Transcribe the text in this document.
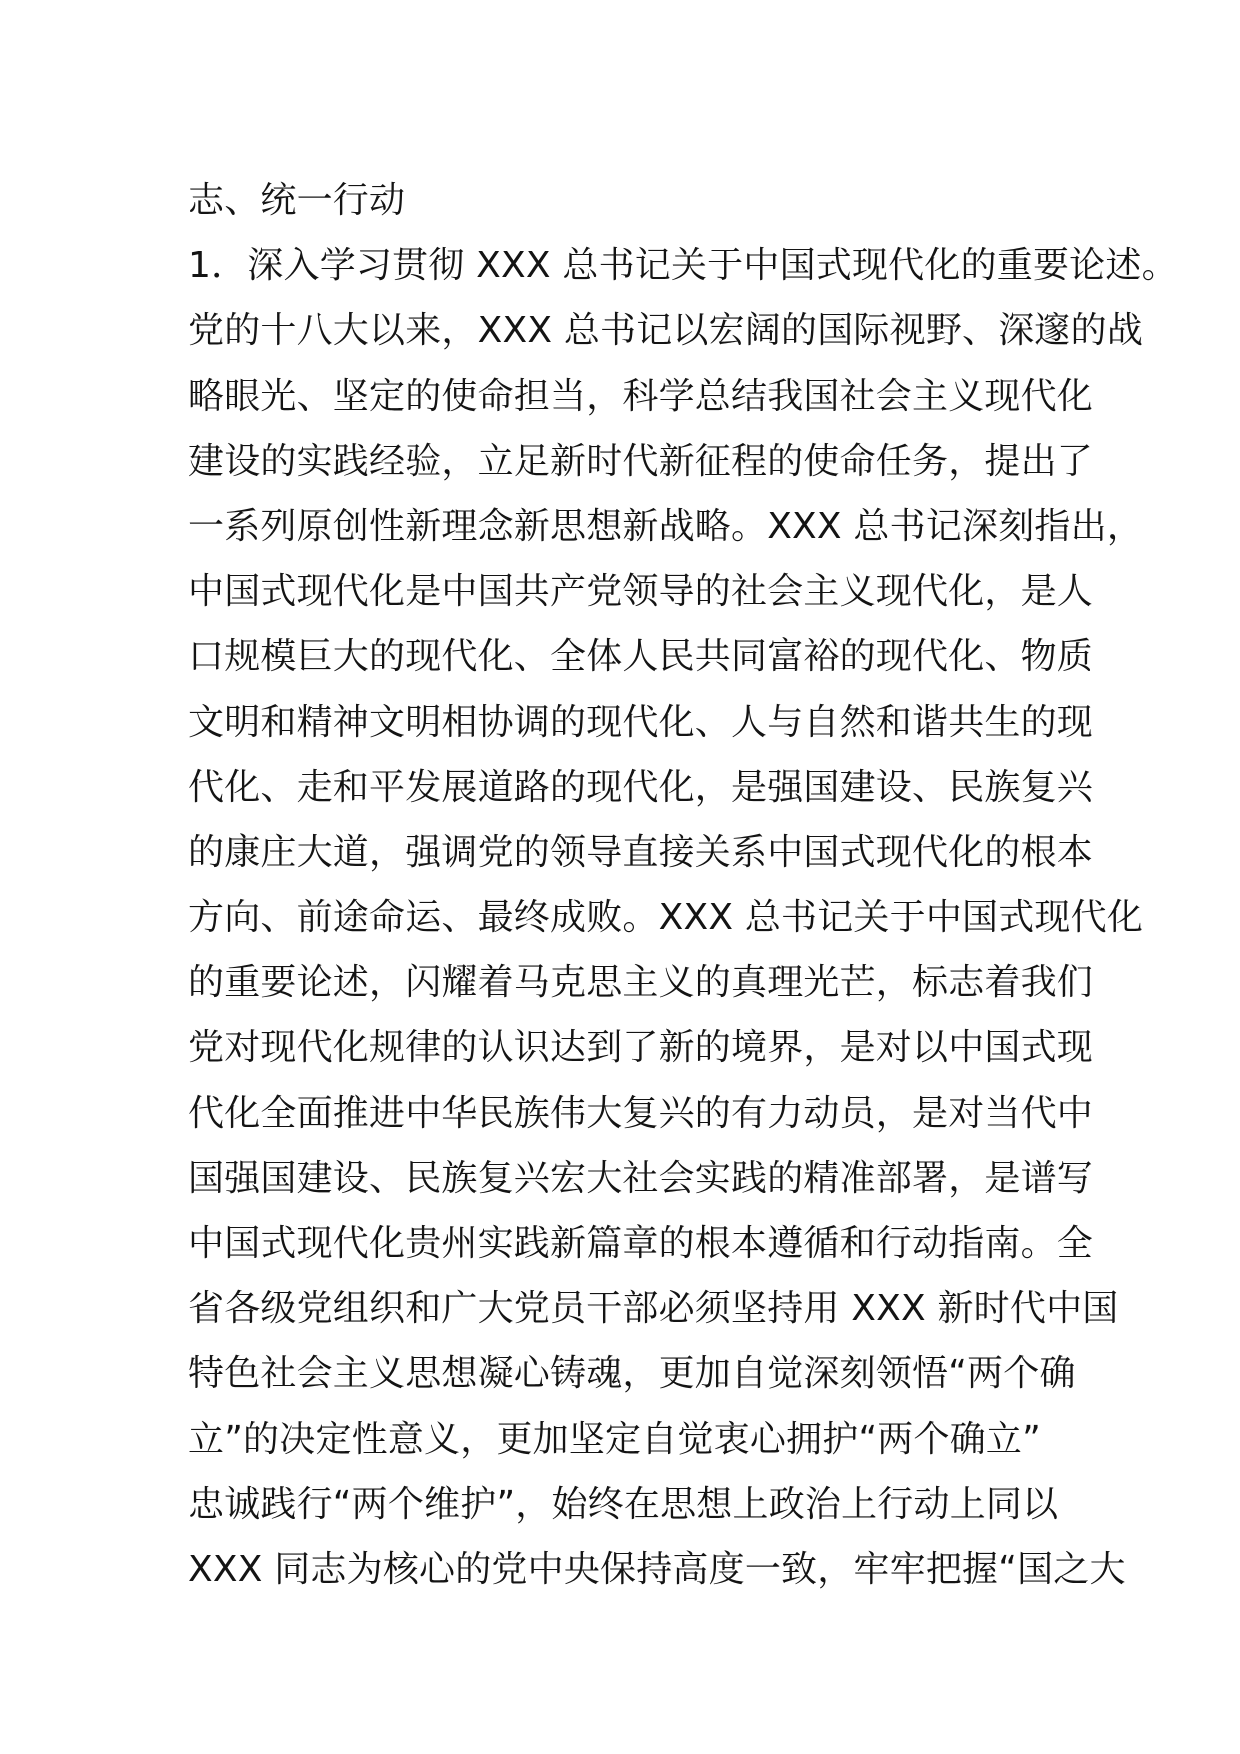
志、统一行动
1．深入学习贯彻 XXX 总书记关于中国式现代化的重要论述。
党的十八大以来，XXX 总书记以宏阔的国际视野、深邃的战
略眼光、坚定的使命担当，科学总结我国社会主义现代化
建设的实践经验，立足新时代新征程的使命任务，提出了
一系列原创性新理念新思想新战略。XXX 总书记深刻指出，
中国式现代化是中国共产党领导的社会主义现代化，是人
口规模巨大的现代化、全体人民共同富裕的现代化、物质
文明和精神文明相协调的现代化、人与自然和谐共生的现
代化、走和平发展道路的现代化，是强国建设、民族复兴
的康庄大道，强调党的领导直接关系中国式现代化的根本
方向、前途命运、最终成败。XXX 总书记关于中国式现代化
的重要论述，闪耀着马克思主义的真理光芒，标志着我们
党对现代化规律的认识达到了新的境界，是对以中国式现
代化全面推进中华民族伟大复兴的有力动员，是对当代中
国强国建设、民族复兴宏大社会实践的精准部署，是谱写
中国式现代化贵州实践新篇章的根本遵循和行动指南。全
省各级党组织和广大党员干部必须坚持用 XXX 新时代中国
特色社会主义思想凝心铸魂，更加自觉深刻领悟“两个确
立”的决定性意义，更加坚定自觉衷心拥护“两个确立”
忠诚践行“两个维护”，始终在思想上政治上行动上同以
XXX 同志为核心的党中央保持高度一致，牢牢把握“国之大
